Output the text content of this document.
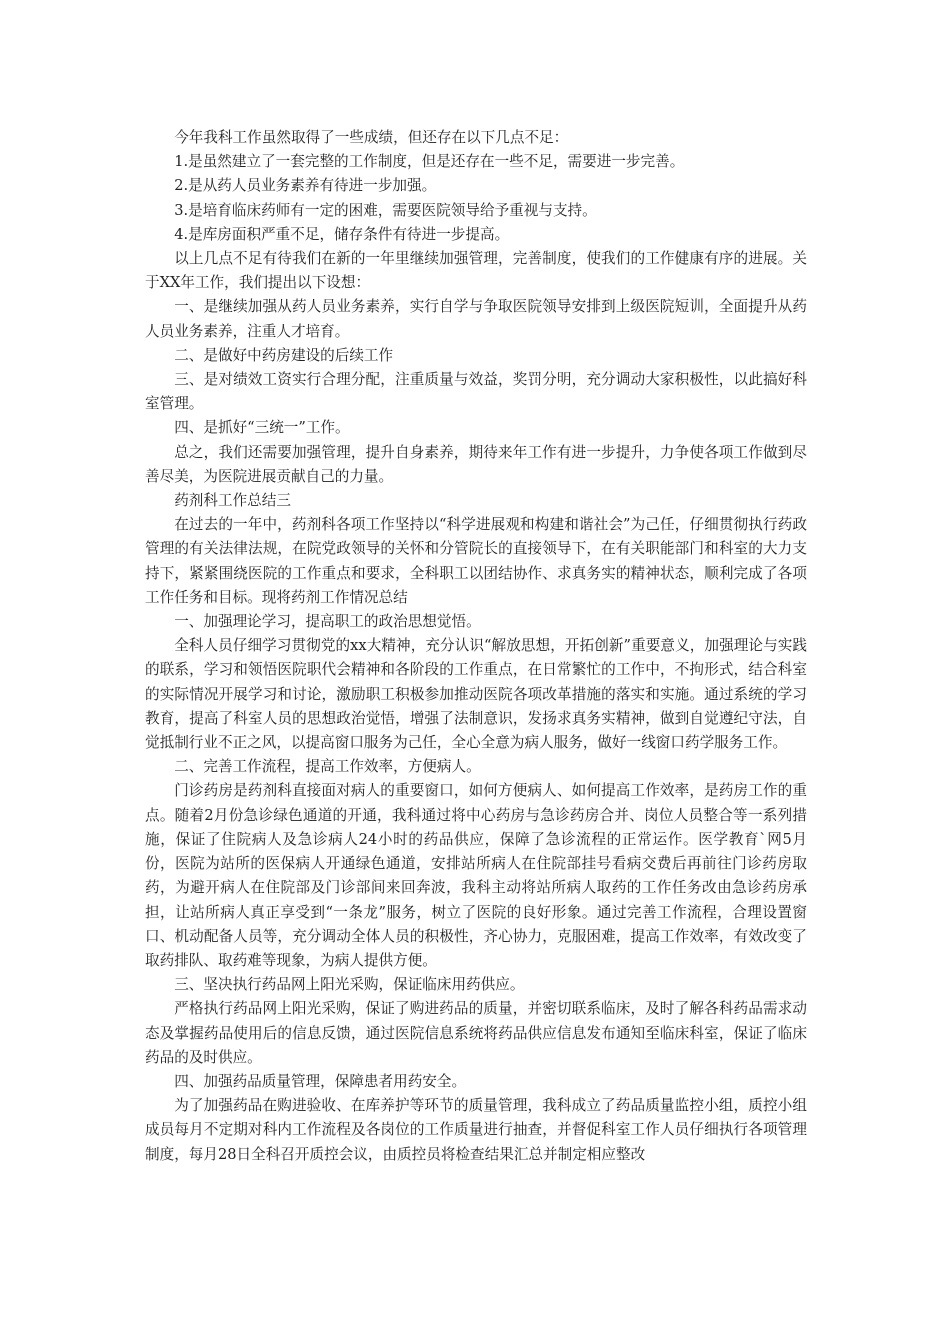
今年我科工作虽然取得了一些成绩，但还存在以下几点不足：

1.是虽然建立了一套完整的工作制度，但是还存在一些不足，需要进一步完善。

2.是从药人员业务素养有待进一步加强。

3.是培育临床药师有一定的困难，需要医院领导给予重视与支持。

4.是库房面积严重不足，储存条件有待进一步提高。

以上几点不足有待我们在新的一年里继续加强管理，完善制度，使我们的工作健康有序的进展。关于XX年工作，我们提出以下设想：

一、是继续加强从药人员业务素养，实行自学与争取医院领导安排到上级医院短训，全面提升从药人员业务素养，注重人才培育。

二、是做好中药房建设的后续工作

三、是对绩效工资实行合理分配，注重质量与效益，奖罚分明，充分调动大家积极性，以此搞好科室管理。

四、是抓好“三统一”工作。

总之，我们还需要加强管理，提升自身素养，期待来年工作有进一步提升，力争使各项工作做到尽善尽美，为医院进展贡献自己的力量。

药剂科工作总结三

在过去的一年中，药剂科各项工作坚持以“科学进展观和构建和谐社会”为己任，仔细贯彻执行药政管理的有关法律法规，在院党政领导的关怀和分管院长的直接领导下，在有关职能部门和科室的大力支持下，紧紧围绕医院的工作重点和要求，全科职工以团结协作、求真务实的精神状态，顺利完成了各项工作任务和目标。现将药剂工作情况总结

一、加强理论学习，提高职工的政治思想觉悟。

全科人员仔细学习贯彻党的xx大精神，充分认识“解放思想，开拓创新”重要意义，加强理论与实践的联系，学习和领悟医院职代会精神和各阶段的工作重点，在日常繁忙的工作中，不拘形式，结合科室的实际情况开展学习和讨论，激励职工积极参加推动医院各项改革措施的落实和实施。通过系统的学习教育，提高了科室人员的思想政治觉悟，增强了法制意识，发扬求真务实精神，做到自觉遵纪守法，自觉抵制行业不正之风，以提高窗口服务为己任，全心全意为病人服务，做好一线窗口药学服务工作。

二、完善工作流程，提高工作效率，方便病人。

门诊药房是药剂科直接面对病人的重要窗口，如何方便病人、如何提高工作效率，是药房工作的重点。随着2月份急诊绿色通道的开通，我科通过将中心药房与急诊药房合并、岗位人员整合等一系列措施，保证了住院病人及急诊病人24小时的药品供应，保障了急诊流程的正常运作。医学教育`网5月份，医院为站所的医保病人开通绿色通道，安排站所病人在住院部挂号看病交费后再前往门诊药房取药，为避开病人在住院部及门诊部间来回奔波，我科主动将站所病人取药的工作任务改由急诊药房承担，让站所病人真正享受到“一条龙”服务，树立了医院的良好形象。通过完善工作流程，合理设置窗口、机动配备人员等，充分调动全体人员的积极性，齐心协力，克服困难，提高工作效率，有效改变了取药排队、取药难等现象，为病人提供方便。

三、坚决执行药品网上阳光采购，保证临床用药供应。

严格执行药品网上阳光采购，保证了购进药品的质量，并密切联系临床，及时了解各科药品需求动态及掌握药品使用后的信息反馈，通过医院信息系统将药品供应信息发布通知至临床科室，保证了临床药品的及时供应。

四、加强药品质量管理，保障患者用药安全。

为了加强药品在购进验收、在库养护等环节的质量管理，我科成立了药品质量监控小组，质控小组成员每月不定期对科内工作流程及各岗位的工作质量进行抽查，并督促科室工作人员仔细执行各项管理制度，每月28日全科召开质控会议，由质控员将检查结果汇总并制定相应整改
